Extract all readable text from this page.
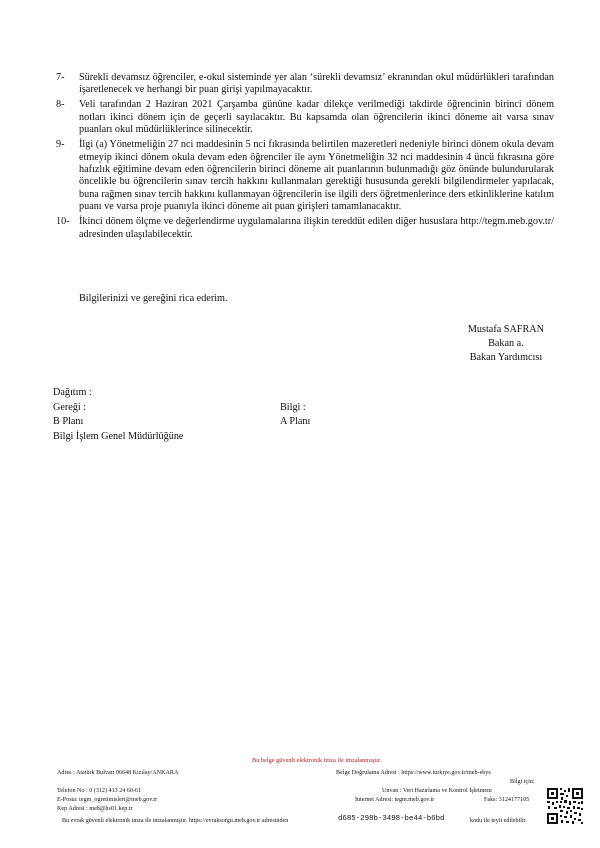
7-	Sürekli devamsız öğrenciler, e-okul sisteminde yer alan ‘sürekli devamsız’ ekranından okul müdürlükleri tarafından işaretlenecek ve herhangi bir puan girişi yapılmayacaktır.
8-	Veli tarafından 2 Haziran 2021 Çarşamba gününe kadar dilekçe verilmediği takdirde öğrencinin birinci dönem notları ikinci dönem için de geçerli sayılacaktır. Bu kapsamda olan öğrencilerin ikinci döneme ait varsa sınav puanları okul müdürlüklerince silinecektir.
9-	İlgi (a) Yönetmeliğin 27 nci maddesinin 5 nci fıkrasında belirtilen mazeretleri nedeniyle birinci dönem okula devam etmeyip ikinci dönem okula devam eden öğrenciler ile aynı Yönetmeliğin 32 nci maddesinin 4 üncü fıkrasına göre hafızlık eğitimine devam eden öğrencilerin birinci döneme ait puanlarının bulunmadığı göz önünde bulundurularak öncelikle bu öğrencilerin sınav tercih hakkını kullanmaları gerektiği hususunda gerekli bilgilendirmeler yapılacak, buna rağmen sınav tercih hakkını kullanmayan öğrencilerin ise ilgili ders öğretmenlerince ders etkinliklerine katılım puanı ve varsa proje puanıyla ikinci döneme ait puan girişleri tamamlanacaktır.
10- İkinci dönem ölçme ve değerlendirme uygulamalarına ilişkin tereddüt edilen diğer hususlara http://tegm.meb.gov.tr/ adresinden ulaşılabilecektir.
Bilgilerinizi ve gereğini rica ederim.
Mustafa SAFRAN
Bakan a.
Bakan Yardımcısı
Dağıtım :
Gereği :	Bilgi :
B Planı	A Planı
Bilgi İşlem Genel Müdürlüğüne
Bu belge güvenli elektronik imza ile imzalanmıştır.
Adres : Atatürk Bulvarı 06648 Kızılay/ANKARA	Belge Doğrulama Adresi : https://www.turkiye.gov.tr/meb-ebys
Bilgi için:
Telefon No : 0 (312) 413 24 60-61	Unvan : Veri Hazırlama ve Kontrol İşletmeni
E-Posta: tegm_ogretimisleri@meb.gov.tr	İnternet Adresi: tegm.meb.gov.tr	Faks: 3124177105
Kep Adresi : meb@hs01.kep.tr
Bu evrak güvenli elektronik imza ile imzalanmıştır. https://evraksorgu.meb.gov.tr adresinden	d685-298b-3498-be44-b6bd	kodu ile teyit edilebilir.
